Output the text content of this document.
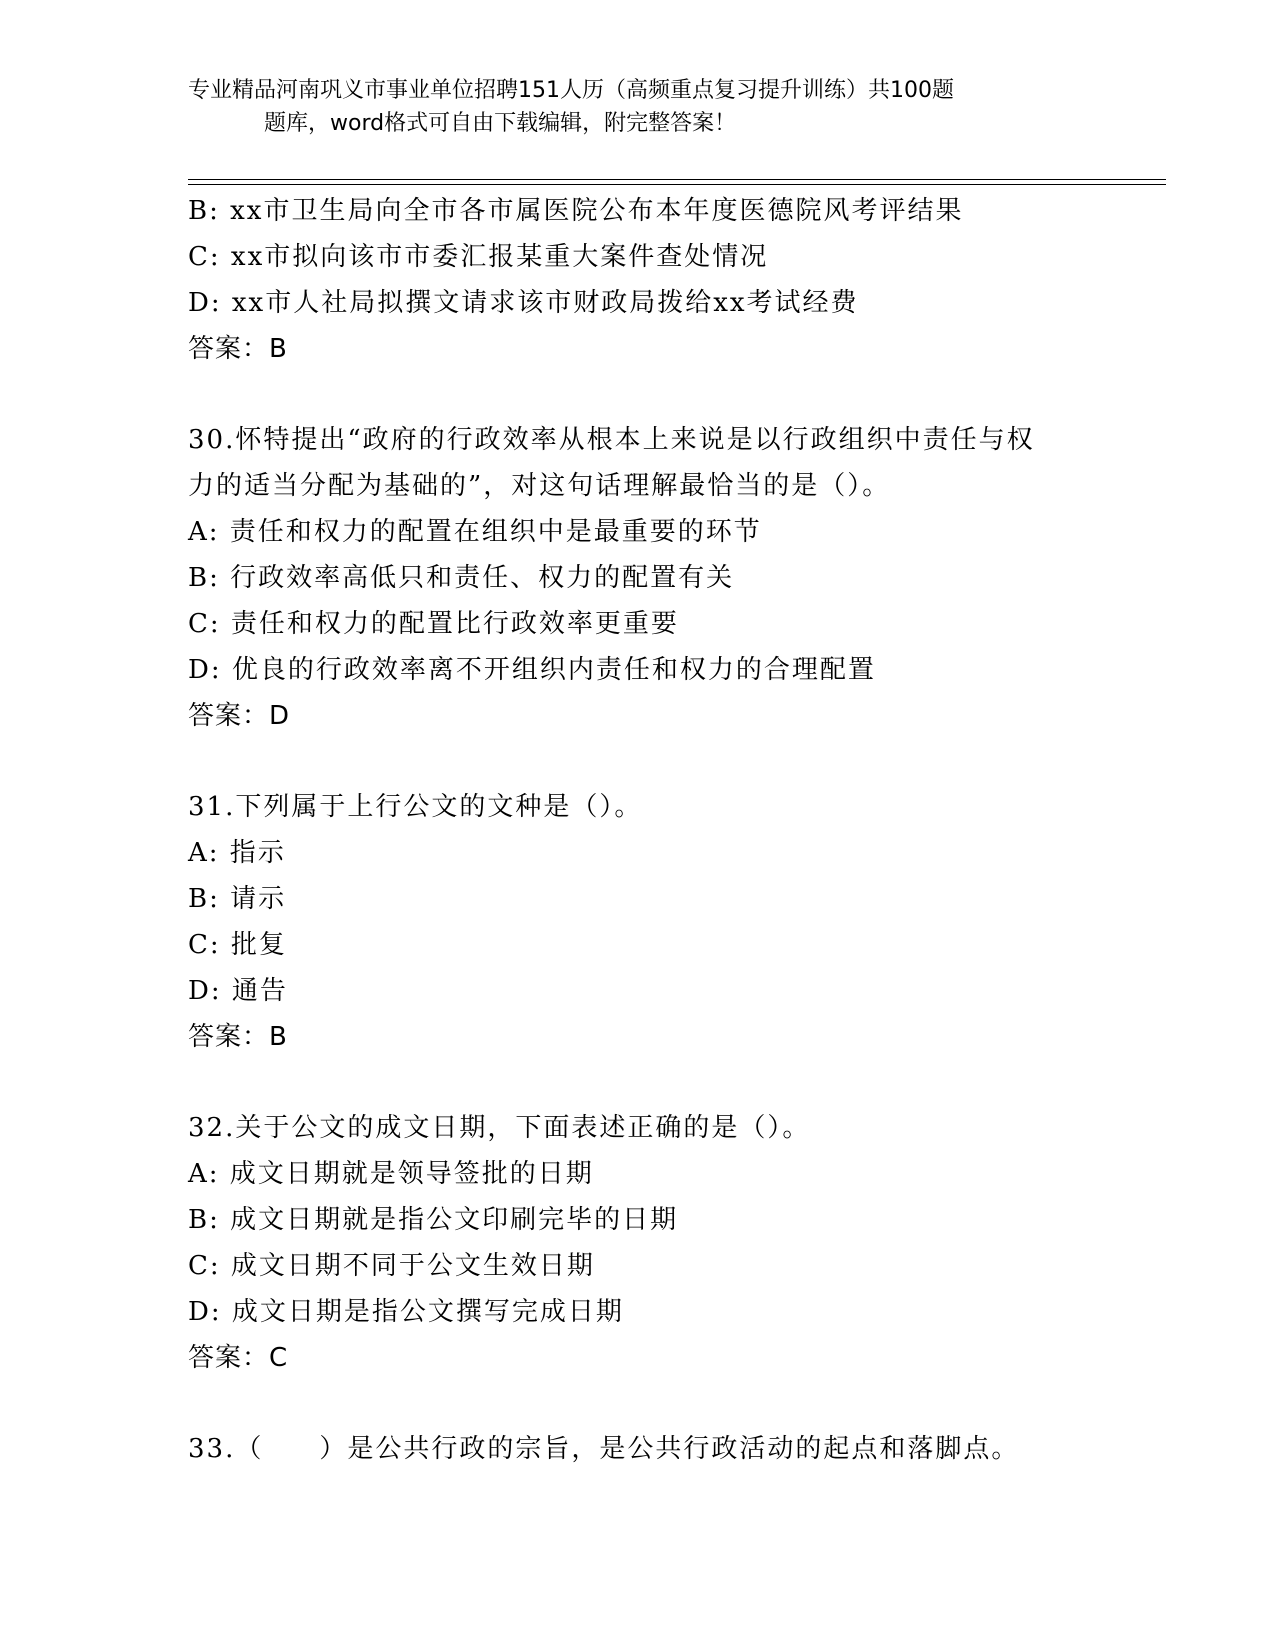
专业精品河南巩义市事业单位招聘151人历（高频重点复习提升训练）共100题
题库，word格式可自由下载编辑，附完整答案！
B: xx市卫生局向全市各市属医院公布本年度医德院风考评结果
C: xx市拟向该市市委汇报某重大案件查处情况
D: xx市人社局拟撰文请求该市财政局拨给xx考试经费
答案：B
30.怀特提出“政府的行政效率从根本上来说是以行政组织中责任与权
力的适当分配为基础的”，对这句话理解最恰当的是（）。
A: 责任和权力的配置在组织中是最重要的环节
B: 行政效率高低只和责任、权力的配置有关
C: 责任和权力的配置比行政效率更重要
D: 优良的行政效率离不开组织内责任和权力的合理配置
答案：D
31.下列属于上行公文的文种是（）。
A: 指示
B: 请示
C: 批复
D: 通告
答案：B
32.关于公文的成文日期，下面表述正确的是（）。
A: 成文日期就是领导签批的日期
B: 成文日期就是指公文印刷完毕的日期
C: 成文日期不同于公文生效日期
D: 成文日期是指公文撰写完成日期
答案：C
33.（　　）是公共行政的宗旨，是公共行政活动的起点和落脚点。
